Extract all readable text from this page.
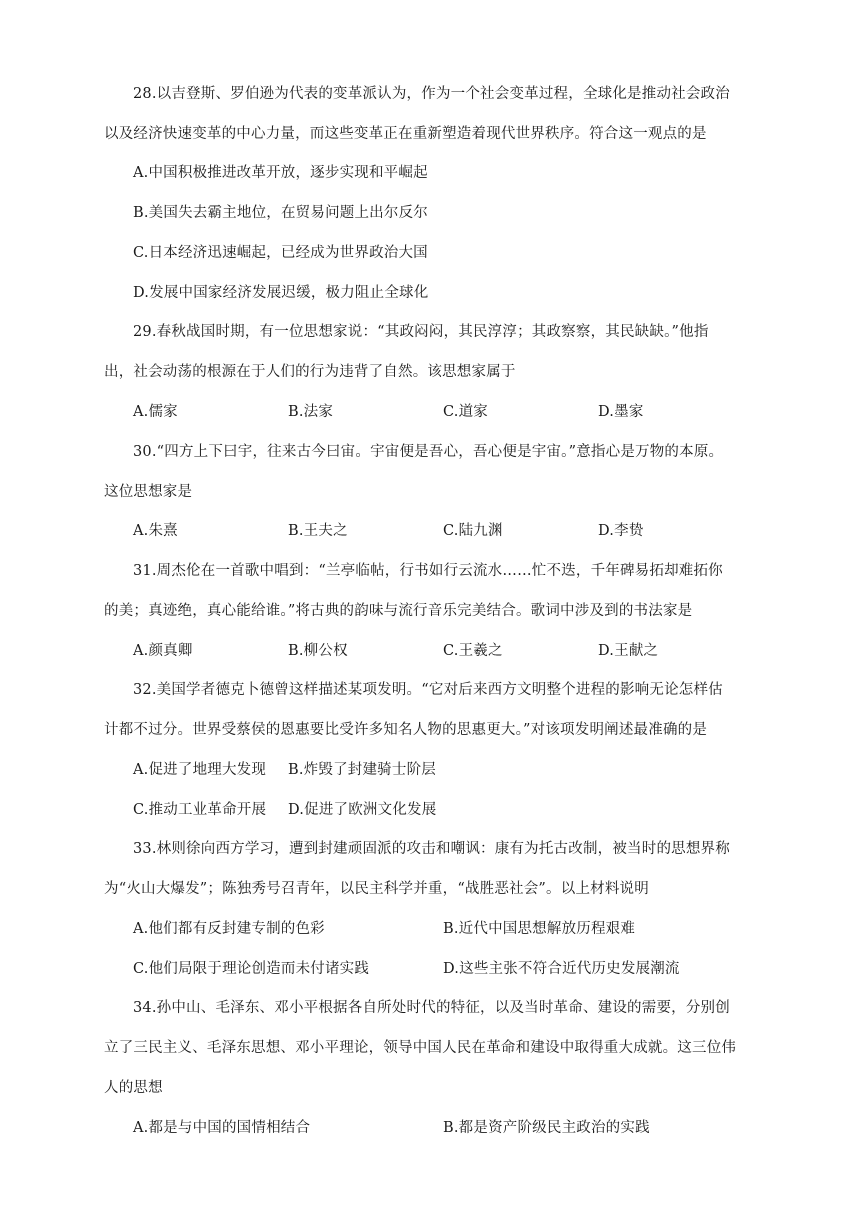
28.以吉登斯、罗伯逊为代表的变革派认为，作为一个社会变革过程，全球化是推动社会政治
以及经济快速变革的中心力量，而这些变革正在重新塑造着现代世界秩序。符合这一观点的是
A.中国积极推进改革开放，逐步实现和平崛起
B.美国失去霸主地位，在贸易问题上出尔反尔
C.日本经济迅速崛起，已经成为世界政治大国
D.发展中国家经济发展迟缓，极力阻止全球化
29.春秋战国时期，有一位思想家说：“其政闷闷，其民淳淳；其政察察，其民缺缺。”他指
出，社会动荡的根源在于人们的行为违背了自然。该思想家属于
A.儒家	B.法家	C.道家	D.墨家
30.“四方上下曰宇，往来古今曰宙。宇宙便是吾心，吾心便是宇宙。”意指心是万物的本原。
这位思想家是
A.朱熹	B.王夫之	C.陆九渊	D.李贽
31.周杰伦在一首歌中唱到：“兰亭临帖，行书如行云流水……忙不迭，千年碑易拓却难拓你
的美；真迹绝，真心能给谁。”将古典的韵味与流行音乐完美结合。歌词中涉及到的书法家是
A.颜真卿	B.柳公权	C.王羲之	D.王献之
32.美国学者德克卜德曾这样描述某项发明。“它对后来西方文明整个进程的影响无论怎样估
计都不过分。世界受蔡侯的恩惠要比受许多知名人物的思惠更大。”对该项发明阐述最准确的是
A.促进了地理大发现 B.炸毁了封建骑士阶层
C.推动工业革命开展 D.促进了欧洲文化发展
33.林则徐向西方学习，遭到封建顽固派的攻击和嘲讽：康有为托古改制，被当时的思想界称
为“火山大爆发”；陈独秀号召青年，以民主科学并重，“战胜恶社会”。以上材料说明
A.他们都有反封建专制的色彩	B.近代中国思想解放历程艰难
C.他们局限于理论创造而未付诸实践	D.这些主张不符合近代历史发展潮流
34.孙中山、毛泽东、邓小平根据各自所处时代的特征，以及当时革命、建设的需要，分别创
立了三民主义、毛泽东思想、邓小平理论，领导中国人民在革命和建设中取得重大成就。这三位伟
人的思想
A.都是与中国的国情相结合	B.都是资产阶级民主政治的实践
